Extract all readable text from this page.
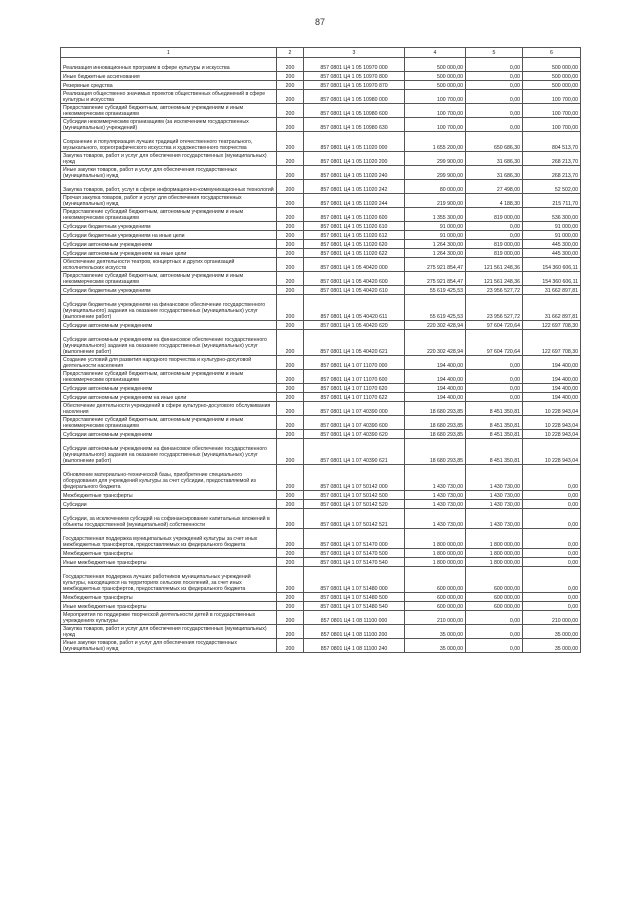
87
1	2	3	4	5	6
Реализация инновационных программ в сфере культуры и искусства	200	857 0801 Ц4 1 05 10970 000	500 000,00	0,00	500 000,00
Иные бюджетные ассигнования	200	857 0801 Ц4 1 05 10970 800	500 000,00	0,00	500 000,00
Резервные средства	200	857 0801 Ц4 1 05 10970 870	500 000,00	0,00	500 000,00
Реализация общественно значимых проектов общественных объединений в сфере культуры и искусства	200	857 0801 Ц4 1 05 10980 000	100 700,00	0,00	100 700,00
Предоставление субсидий бюджетным, автономным учреждениям и иным некоммерческим организациям	200	857 0801 Ц4 1 05 10980 600	100 700,00	0,00	100 700,00
Субсидии некоммерческим организациям (за исключением государственных (муниципальных) учреждений)	200	857 0801 Ц4 1 05 10980 630	100 700,00	0,00	100 700,00
Сохранение и популяризация лучших традиций отечественного театрального, музыкального, хореографического искусства и художественного творчества	200	857 0801 Ц4 1 05 11020 000	1 655 200,00	650 686,30	804 513,70
Закупка товаров, работ и услуг для обеспечения государственных (муниципальных) нужд	200	857 0801 Ц4 1 05 11020 200	299 900,00	31 686,30	268 213,70
Иные закупки товаров, работ и услуг для обеспечения государственных (муниципальных) нужд	200	857 0801 Ц4 1 05 11020 240	299 900,00	31 686,30	268 213,70
Закупка товаров, работ, услуг в сфере информационно-коммуникационных технологий	200	857 0801 Ц4 1 05 11020 242	80 000,00	27 498,00	52 502,00
Прочая закупка товаров, работ и услуг для обеспечения государственных (муниципальных) нужд	200	857 0801 Ц4 1 05 11020 244	219 900,00	4 188,30	215 711,70
Предоставление субсидий бюджетным, автономным учреждениям и иным некоммерческим организациям	200	857 0801 Ц4 1 05 11020 600	1 355 300,00	819 000,00	536 300,00
Субсидии бюджетным учреждениям	200	857 0801 Ц4 1 05 11020 610	91 000,00	0,00	91 000,00
Субсидии бюджетным учреждениям на иные цели	200	857 0801 Ц4 1 05 11020 612	91 000,00	0,00	91 000,00
Субсидии автономным учреждениям	200	857 0801 Ц4 1 05 11020 620	1 264 300,00	819 000,00	445 300,00
Субсидии автономным учреждениям на иные цели	200	857 0801 Ц4 1 05 11020 622	1 264 300,00	819 000,00	445 300,00
Обеспечение деятельности театров, концертных и других организаций исполнительских искусств	200	857 0801 Ц4 1 05 40420 000	275 921 854,47	121 561 248,36	154 360 606,11
Предоставление субсидий бюджетным, автономным учреждениям и иным некоммерческим организациям	200	857 0801 Ц4 1 05 40420 600	275 921 854,47	121 561 248,36	154 360 606,11
Субсидии бюджетным учреждениям	200	857 0801 Ц4 1 05 40420 610	55 619 425,53	23 956 527,72	31 662 897,81
Субсидии бюджетным учреждениям на финансовое обеспечение государственного (муниципального) задания на оказание государственных (муниципальных) услуг (выполнение работ)	200	857 0801 Ц4 1 05 40420 611	55 619 425,53	23 956 527,72	31 662 897,81
Субсидии автономным учреждениям	200	857 0801 Ц4 1 05 40420 620	220 302 428,94	97 604 720,64	122 697 708,30
Субсидии автономным учреждениям на финансовое обеспечение государственного (муниципального) задания на оказание государственных (муниципальных) услуг (выполнение работ)	200	857 0801 Ц4 1 05 40420 621	220 302 428,94	97 604 720,64	122 697 708,30
Создание условий для развития народного творчества и культурно-досуговой деятельности населения	200	857 0801 Ц4 1 07 11070 000	194 400,00	0,00	194 400,00
Предоставление субсидий бюджетным, автономным учреждениям и иным некоммерческим организациям	200	857 0801 Ц4 1 07 11070 600	194 400,00	0,00	194 400,00
Субсидии автономным учреждениям	200	857 0801 Ц4 1 07 11070 620	194 400,00	0,00	194 400,00
Субсидии автономным учреждениям на иные цели	200	857 0801 Ц4 1 07 11070 622	194 400,00	0,00	194 400,00
Обеспечение деятельности учреждений в сфере культурно-досугового обслуживания населения	200	857 0801 Ц4 1 07 40390 000	18 680 293,85	8 451 350,81	10 228 943,04
Предоставление субсидий бюджетным, автономным учреждениям и иным некоммерческим организациям	200	857 0801 Ц4 1 07 40390 600	18 680 293,85	8 451 350,81	10 228 943,04
Субсидии автономным учреждениям	200	857 0801 Ц4 1 07 40390 620	18 680 293,85	8 451 350,81	10 228 943,04
Субсидии автономным учреждениям на финансовое обеспечение государственного (муниципального) задания на оказание государственных (муниципальных) услуг (выполнение работ)	200	857 0801 Ц4 1 07 40390 621	18 680 293,85	8 451 350,81	10 228 943,04
Обновление материально-технической базы, приобретение специального оборудования для учреждений культуры за счет субсидии, предоставляемой из федерального бюджета	200	857 0801 Ц4 1 07 50142 000	1 430 730,00	1 430 730,00	0,00
Межбюджетные трансферты	200	857 0801 Ц4 1 07 50142 500	1 430 730,00	1 430 730,00	0,00
Субсидии	200	857 0801 Ц4 1 07 50142 520	1 430 730,00	1 430 730,00	0,00
Субсидии, за исключением субсидий на софинансирование капитальных вложений в объекты государственной (муниципальной) собственности	200	857 0801 Ц4 1 07 50142 521	1 430 730,00	1 430 730,00	0,00
Государственная поддержка муниципальных учреждений культуры за счет иных межбюджетных трансфертов, предоставляемых из федерального бюджета	200	857 0801 Ц4 1 07 51470 000	1 800 000,00	1 800 000,00	0,00
Межбюджетные трансферты	200	857 0801 Ц4 1 07 51470 500	1 800 000,00	1 800 000,00	0,00
Иные межбюджетные трансферты	200	857 0801 Ц4 1 07 51470 540	1 800 000,00	1 800 000,00	0,00
Государственная поддержка лучших работников муниципальных учреждений культуры, находящихся на территориях сельских поселений, за счет иных межбюджетных трансфертов, предоставляемых из федерального бюджета	200	857 0801 Ц4 1 07 51480 000	600 000,00	600 000,00	0,00
Межбюджетные трансферты	200	857 0801 Ц4 1 07 51480 500	600 000,00	600 000,00	0,00
Иные межбюджетные трансферты	200	857 0801 Ц4 1 07 51480 540	600 000,00	600 000,00	0,00
Мероприятия по поддержке творческой деятельности детей в государственных учреждениях культуры	200	857 0801 Ц4 1 08 11100 000	210 000,00	0,00	210 000,00
Закупка товаров, работ и услуг для обеспечения государственных (муниципальных) нужд	200	857 0801 Ц4 1 08 11100 200	35 000,00	0,00	35 000,00
Иные закупки товаров, работ и услуг для обеспечения государственных (муниципальных) нужд	200	857 0801 Ц4 1 08 11100 240	35 000,00	0,00	35 000,00
